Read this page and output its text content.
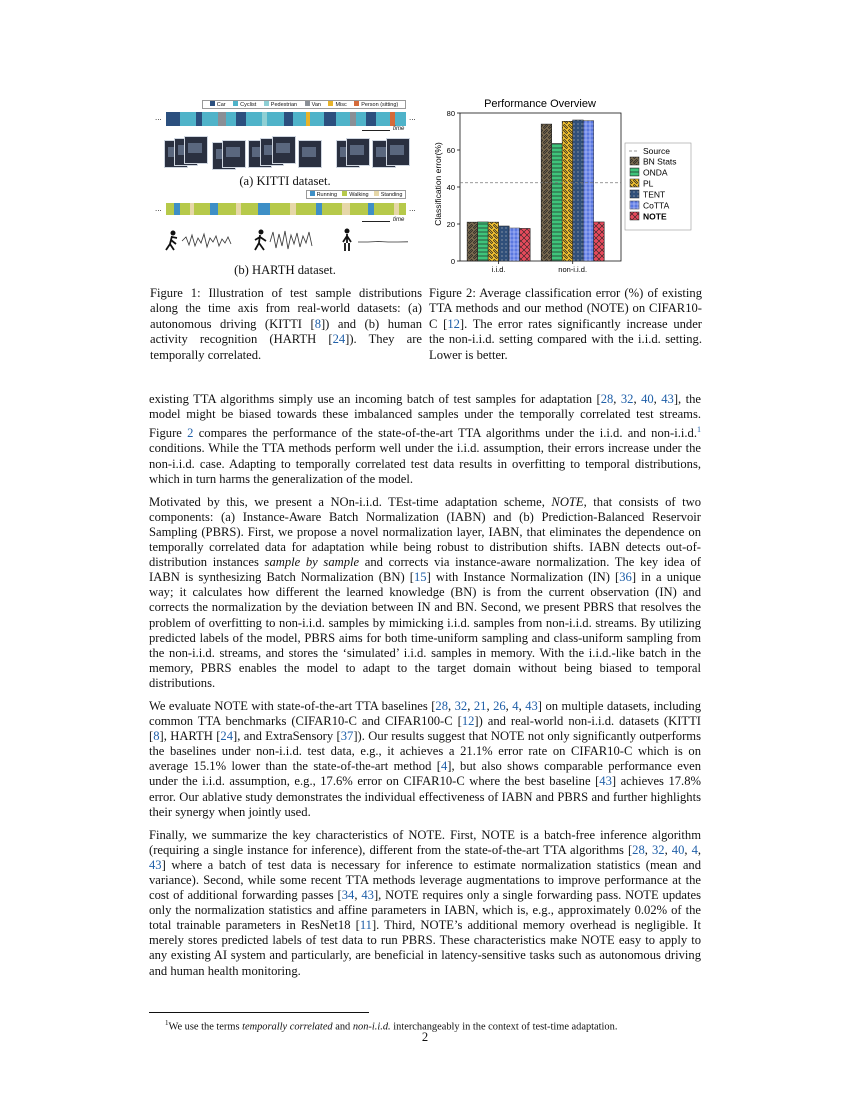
Car	Cyclist	Pedestrian	Van	Misc	Person (sitting)
...	...
time
(a) KITTI dataset.
Running	Walking	Standing
...	...
time
(b) HARTH dataset.
Figure 1: Illustration of test sample distributions along the time axis from real-world datasets: (a) autonomous driving (KITTI [8]) and (b) human activity recognition (HARTH [24]). They are temporally correlated.
Performance Overview
Classification error(%)
0
20
40
60
80
i.i.d.	non-i.i.d.
Source
BN Stats
ONDA
PL
TENT
CoTTA
NOTE
Figure 2: Average classification error (%) of existing TTA methods and our method (NOTE) on CIFAR10-C [12]. The error rates significantly increase under the non-i.i.d. setting compared with the i.i.d. setting. Lower is better.

existing TTA algorithms simply use an incoming batch of test samples for adaptation [28, 32, 40, 43], the model might be biased towards these imbalanced samples under the temporally correlated test streams. Figure 2 compares the performance of the state-of-the-art TTA algorithms under the i.i.d. and non-i.i.d.$^1$ conditions. While the TTA methods perform well under the i.i.d. assumption, their errors increase under the non-i.i.d. case. Adapting to temporally correlated test data results in overfitting to temporal distributions, which in turn harms the generalization of the model.

Motivated by this, we present a NOn-i.i.d. TEst-time adaptation scheme, NOTE, that consists of two components: (a) Instance-Aware Batch Normalization (IABN) and (b) Prediction-Balanced Reservoir Sampling (PBRS). First, we propose a novel normalization layer, IABN, that eliminates the dependence on temporally correlated data for adaptation while being robust to distribution shifts. IABN detects out-of-distribution instances sample by sample and corrects via instance-aware normalization. The key idea of IABN is synthesizing Batch Normalization (BN) [15] with Instance Normalization (IN) [36] in a unique way; it calculates how different the learned knowledge (BN) is from the current observation (IN) and corrects the normalization by the deviation between IN and BN. Second, we present PBRS that resolves the problem of overfitting to non-i.i.d. samples by mimicking i.i.d. samples from non-i.i.d. streams. By utilizing predicted labels of the model, PBRS aims for both time-uniform sampling and class-uniform sampling from the non-i.i.d. streams, and stores the ‘simulated’ i.i.d. samples in memory. With the i.i.d.-like batch in the memory, PBRS enables the model to adapt to the target domain without being biased to temporal distributions.

We evaluate NOTE with state-of-the-art TTA baselines [28, 32, 21, 26, 4, 43] on multiple datasets, including common TTA benchmarks (CIFAR10-C and CIFAR100-C [12]) and real-world non-i.i.d. datasets (KITTI [8], HARTH [24], and ExtraSensory [37]). Our results suggest that NOTE not only significantly outperforms the baselines under non-i.i.d. test data, e.g., it achieves a 21.1% error rate on CIFAR10-C which is on average 15.1% lower than the state-of-the-art method [4], but also shows comparable performance even under the i.i.d. assumption, e.g., 17.6% error on CIFAR10-C where the best baseline [43] achieves 17.8% error. Our ablative study demonstrates the individual effectiveness of IABN and PBRS and further highlights their synergy when jointly used.

Finally, we summarize the key characteristics of NOTE. First, NOTE is a batch-free inference algorithm (requiring a single instance for inference), different from the state-of-the-art TTA algorithms [28, 32, 40, 4, 43] where a batch of test data is necessary for inference to estimate normalization statistics (mean and variance). Second, while some recent TTA methods leverage augmentations to improve performance at the cost of additional forwarding passes [34, 43], NOTE requires only a single forwarding pass. NOTE updates only the normalization statistics and affine parameters in IABN, which is, e.g., approximately 0.02% of the total trainable parameters in ResNet18 [11]. Third, NOTE’s additional memory overhead is negligible. It merely stores predicted labels of test data to run PBRS. These characteristics make NOTE easy to apply to any existing AI system and particularly, are beneficial in latency-sensitive tasks such as autonomous driving and human health monitoring.

$^1$We use the terms temporally correlated and non-i.i.d. interchangeably in the context of test-time adaptation.
2
